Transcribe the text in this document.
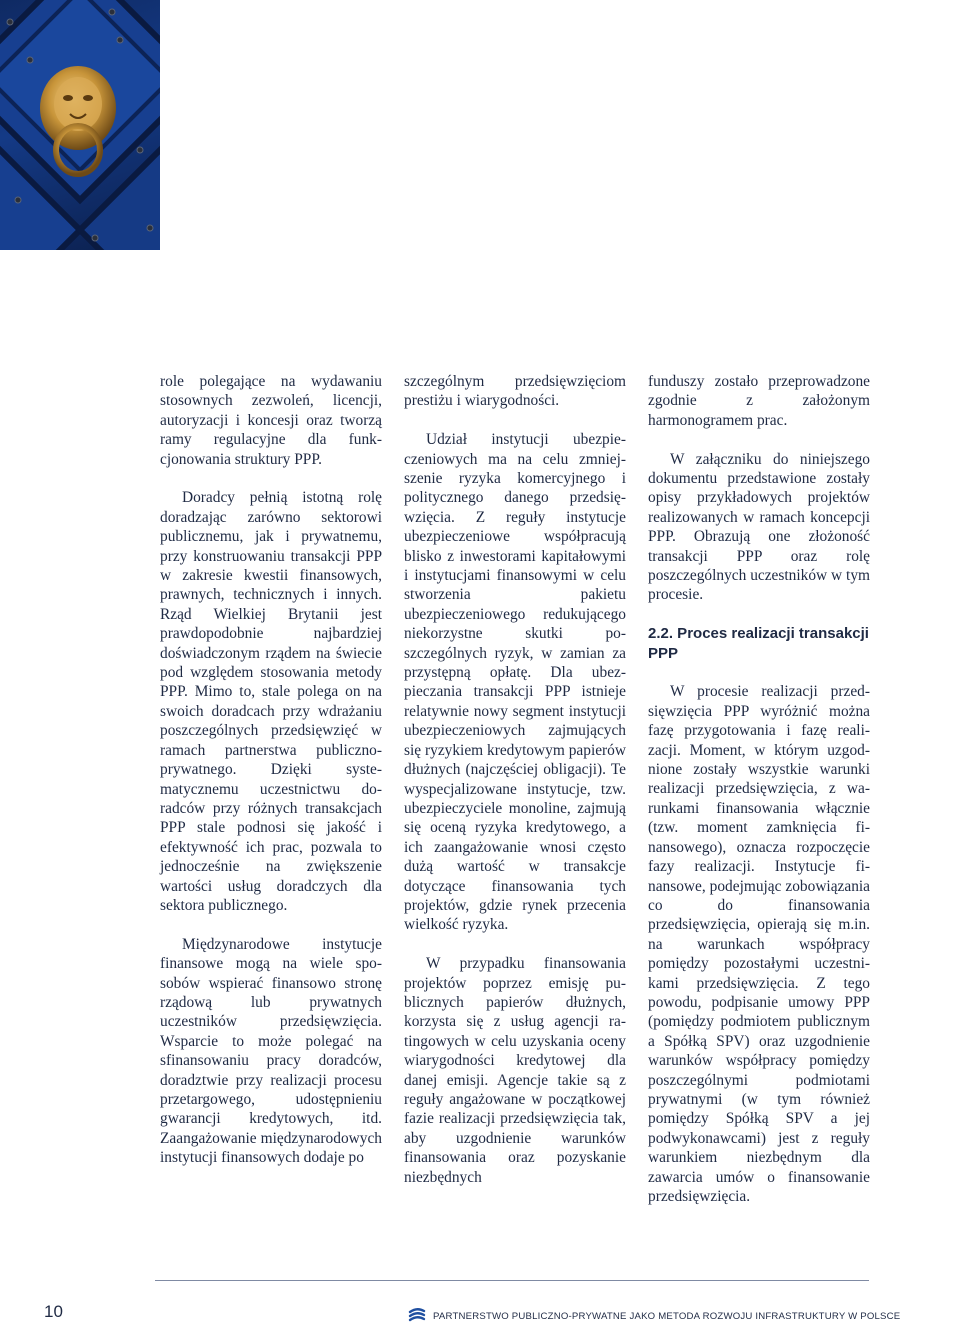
role polegające na wydawaniu stosownych zezwoleń, licencji, autoryzacji i koncesji oraz tworzą ramy regulacyjne dla funkcjonowania struktury PPP.

Doradcy pełnią istotną rolę doradzając zarówno sektorowi publicznemu, jak i prywatnemu, przy konstruowaniu transakcji PPP w zakresie kwestii finansowych, prawnych, technicznych i innych. Rząd Wielkiej Brytanii jest prawdopodobnie najbardziej doświadczonym rządem na świecie pod względem stosowania metody PPP. Mimo to, stale polega on na swoich doradcach przy wdrażaniu poszczególnych przedsięwzięć w ramach partnerstwa publiczno-prywatnego. Dzięki systematycznemu uczestnictwu doradców przy różnych transakcjach PPP stale podnosi się jakość i efektywność ich prac, pozwala to jednocześnie na zwiększenie wartości usług doradczych dla sektora publicznego.

Międzynarodowe instytucje finansowe mogą na wiele sposobów wspierać finansowo stronę rządową lub prywatnych uczestników przedsięwzięcia. Wsparcie to może polegać na sfinansowaniu pracy doradców, doradztwie przy realizacji procesu przetargowego, udostępnieniu gwarancji kredytowych, itd. Zaangażowanie międzynarodowych instytucji finansowych dodaje po

szczególnym przedsięwzięciom prestiżu i wiarygodności.

Udział instytucji ubezpieczeniowych ma na celu zmniejszenie ryzyka komercyjnego i politycznego danego przedsięwzięcia. Z reguły instytucje ubezpieczeniowe współpracują blisko z inwestorami kapitałowymi i instytucjami finansowymi w celu stworzenia pakietu ubezpieczeniowego redukującego niekorzystne skutki poszczególnych ryzyk, w zamian za przystępną opłatę. Dla ubezpieczania transakcji PPP istnieje relatywnie nowy segment instytucji ubezpieczeniowych zajmujących się ryzykiem kredytowym papierów dłużnych (najczęściej obligacji). Te wyspecjalizowane instytucje, tzw. ubezpieczyciele monoline, zajmują się oceną ryzyka kredytowego, a ich zaangażowanie wnosi często dużą wartość w transakcje dotyczące finansowania tych projektów, gdzie rynek przecenia wielkość ryzyka.

W przypadku finansowania projektów poprzez emisję publicznych papierów dłużnych, korzysta się z usług agencji ratingowych w celu uzyskania oceny wiarygodności kredytowej dla danej emisji. Agencje takie są z reguły angażowane w początkowej fazie realizacji przedsięwzięcia tak, aby uzgodnienie warunków finansowania oraz pozyskanie niezbędnych

funduszy zostało przeprowadzone zgodnie z założonym harmonogramem prac.

W załączniku do niniejszego dokumentu przedstawione zostały opisy przykładowych projektów realizowanych w ramach koncepcji PPP. Obrazują one złożoność transakcji PPP oraz rolę poszczególnych uczestników w tym procesie.

2.2. Proces realizacji transakcji PPP

W procesie realizacji przedsięwzięcia PPP wyróżnić można fazę przygotowania i fazę realizacji. Moment, w którym uzgodnione zostały wszystkie warunki realizacji przedsięwzięcia, z warunkami finansowania włącznie (tzw. moment zamknięcia finansowego), oznacza rozpoczęcie fazy realizacji. Instytucje finansowe, podejmując zobowiązania co do finansowania przedsięwzięcia, opierają się m.in. na warunkach współpracy pomiędzy pozostałymi uczestnikami przedsięwzięcia. Z tego powodu, podpisanie umowy PPP (pomiędzy podmiotem publicznym a Spółką SPV) oraz uzgodnienie warunków współpracy pomiędzy poszczególnymi podmiotami prywatnymi (w tym również pomiędzy Spółką SPV a jej podwykonawcami) jest z reguły warunkiem niezbędnym dla zawarcia umów o finansowanie przedsięwzięcia.

10	PARTNERSTWO PUBLICZNO-PRYWATNE JAKO METODA ROZWOJU INFRASTRUKTURY W POLSCE
